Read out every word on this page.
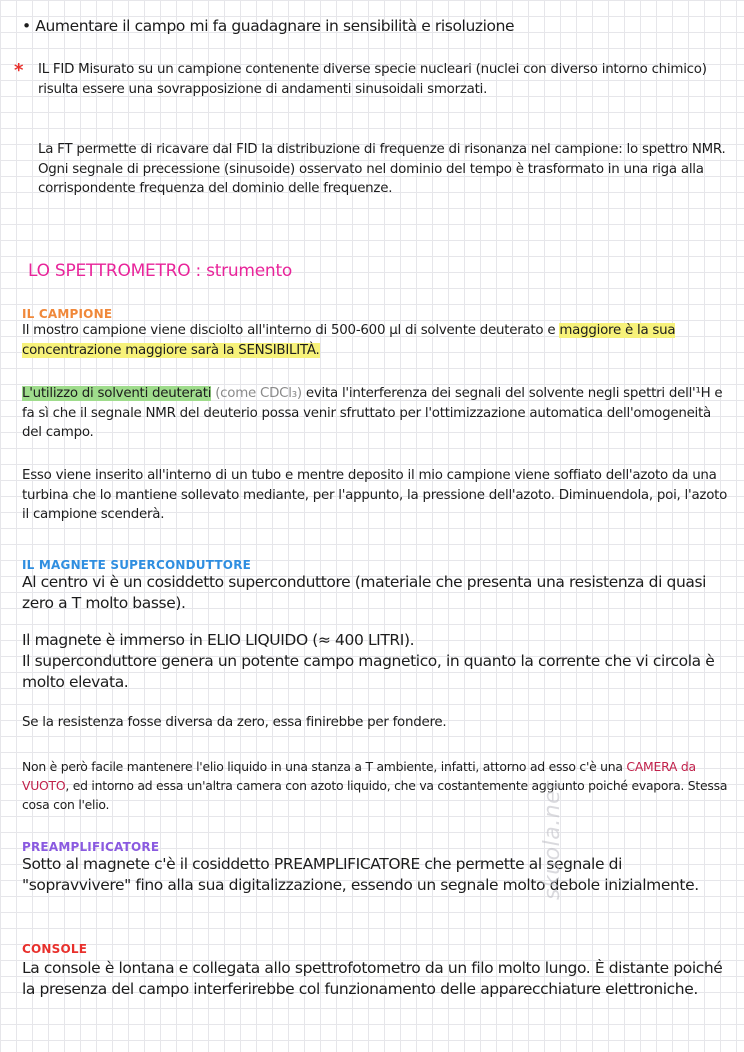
• Aumentare il campo mi fa guadagnare in sensibilità e risoluzione

* IL FID Misurato su un campione contenente diverse specie nucleari (nuclei con diverso intorno chimico) risulta essere una sovrapposizione di andamenti sinusoidali smorzati.

La FT permette di ricavare dal FID la distribuzione di frequenze di risonanza nel campione: lo spettro NMR.

Ogni segnale di precessione (sinusoide) osservato nel dominio del tempo è trasformato in una riga alla corrispondente frequenza del dominio delle frequenze.

LO SPETTROMETRO : strumento
IL CAMPIONE

Il mostro campione viene disciolto all'interno di 500-600 μl di solvente deuterato e maggiore è la sua concentrazione maggiore sarà la SENSIBILITÀ.

L'utilizzo di solventi deuterati (come CDCl₃) evita l'interferenza dei segnali del solvente negli spettri dell'¹H e fa sì che il segnale NMR del deuterio possa venir sfruttato per l'ottimizzazione automatica dell'omogeneità del campo.

Esso viene inserito all'interno di un tubo e mentre deposito il mio campione viene soffiato dell'azoto da una turbina che lo mantiene sollevato mediante, per l'appunto, la pressione dell'azoto. Diminuendola, poi, l'azoto il campione scenderà.

IL MAGNETE SUPERCONDUTTORE

Al centro vi è un cosiddetto superconduttore (materiale che presenta una resistenza di quasi zero a T molto basse).

Il magnete è immerso in ELIO LIQUIDO (≈ 400 LITRI).

Il superconduttore genera un potente campo magnetico, in quanto la corrente che vi circola è molto elevata.

Se la resistenza fosse diversa da zero, essa finirebbe per fondere.

Non è però facile mantenere l'elio liquido in una stanza a T ambiente, infatti, attorno ad esso c'è una CAMERA da VUOTO, ed intorno ad essa un'altra camera con azoto liquido, che va costantemente aggiunto poiché evapora. Stessa cosa con l'elio.

PREAMPLIFICATORE

Sotto al magnete c'è il cosiddetto PREAMPLIFICATORE che permette al segnale di "sopravvivere" fino alla sua digitalizzazione, essendo un segnale molto debole inizialmente.

CONSOLE

La console è lontana e collegata allo spettrofotometro da un filo molto lungo. È distante poiché la presenza del campo interferirebbe col funzionamento delle apparecchiature elettroniche.

skuola.net
